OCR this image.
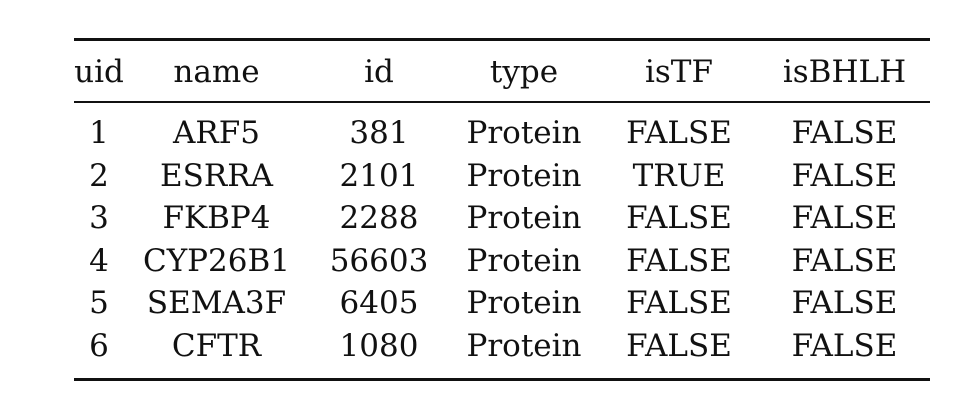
uid	name	id	type	isTF	isBHLH
1	ARF5	381	Protein	FALSE	FALSE
2	ESRRA	2101	Protein	TRUE	FALSE
3	FKBP4	2288	Protein	FALSE	FALSE
4	CYP26B1	56603	Protein	FALSE	FALSE
5	SEMA3F	6405	Protein	FALSE	FALSE
6	CFTR	1080	Protein	FALSE	FALSE
